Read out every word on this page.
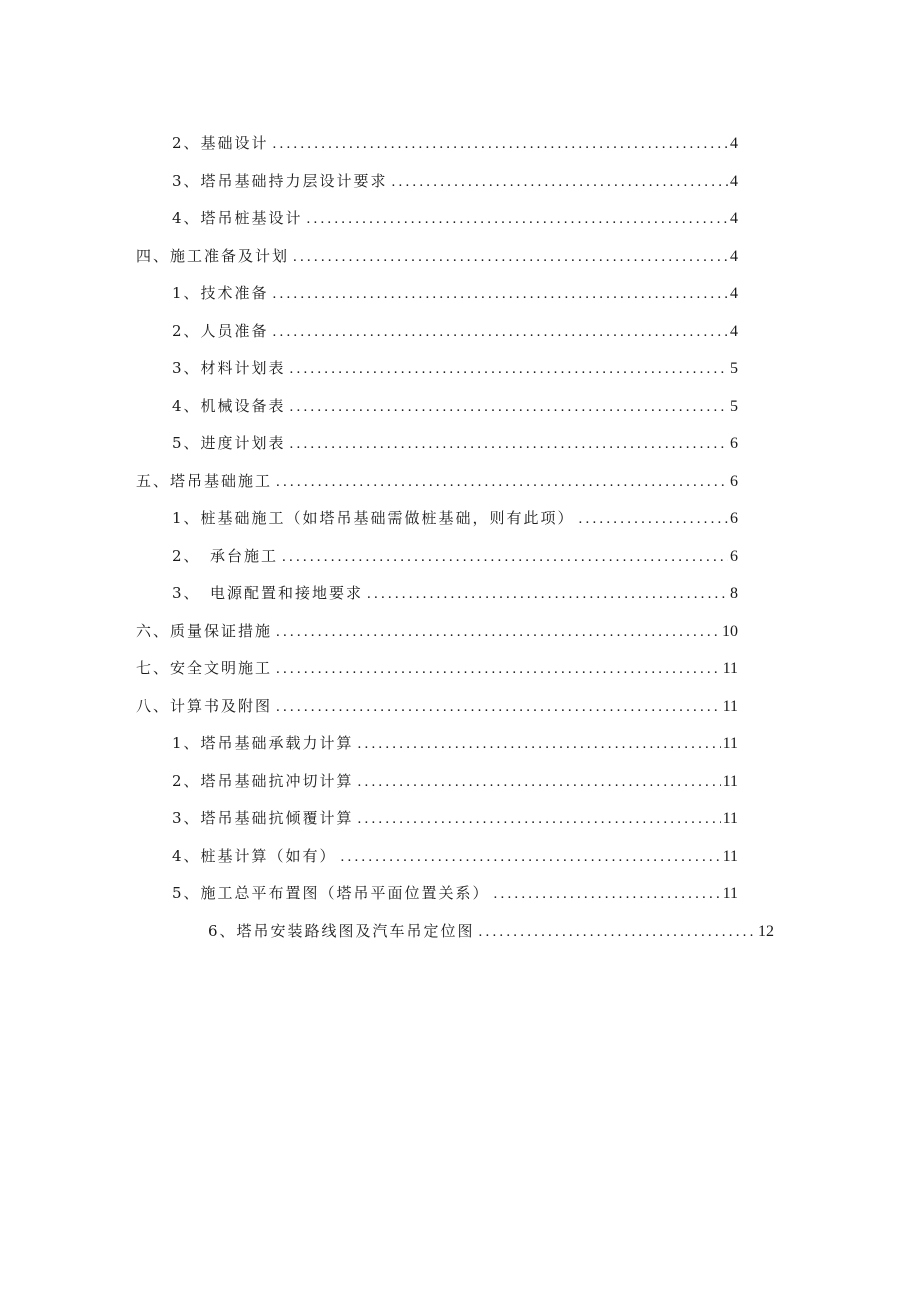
2、基础设计 .....	4
3、塔吊基础持力层设计要求 .....	4
4、塔吊桩基设计 .....	4
四、施工准备及计划 .....	4
1、技术准备 .....	4
2、人员准备 .....	4
3、材料计划表 .....	5
4、机械设备表 .....	5
5、进度计划表 .....	6
五、塔吊基础施工 .....	6
1、桩基础施工（如塔吊基础需做桩基础，则有此项） .....	6
2、　承台施工 .....	6
3、　电源配置和接地要求 .....	8
六、质量保证措施 .....	10
七、安全文明施工 .....	11
八、计算书及附图 .....	11
1、塔吊基础承载力计算 .....	11
2、塔吊基础抗冲切计算 .....	11
3、塔吊基础抗倾覆计算 .....	11
4、桩基计算（如有） .....	11
5、施工总平布置图（塔吊平面位置关系） .....	11
6、塔吊安装路线图及汽车吊定位图 .....	12
